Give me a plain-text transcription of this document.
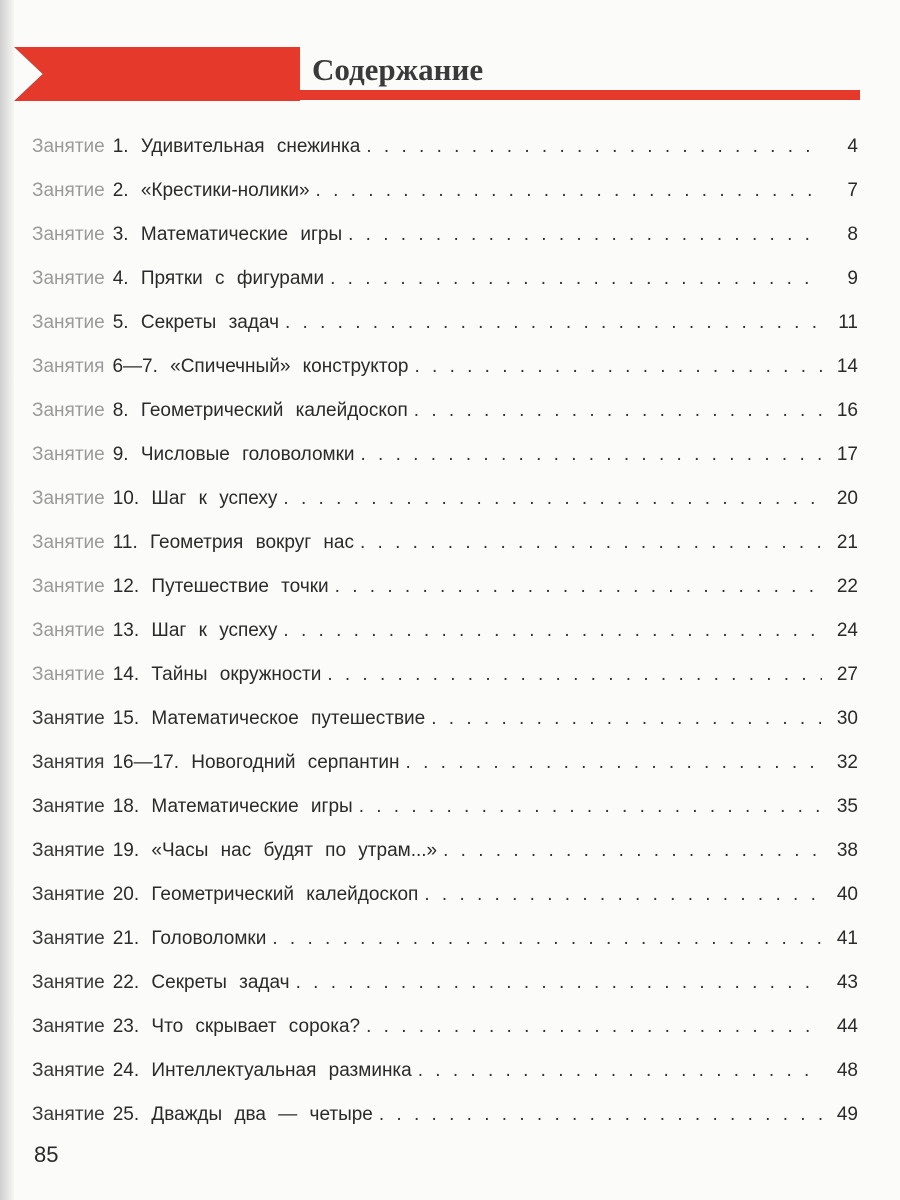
Содержание
Занятие 1. Удивительная снежинка . . .	4
Занятие 2. «Крестики-нолики» . . .	7
Занятие 3. Математические игры . . .	8
Занятие 4. Прятки с фигурами . . .	9
Занятие 5. Секреты задач . . .	11
Занятия 6—7. «Спичечный» конструктор . . .	14
Занятие 8. Геометрический калейдоскоп . . .	16
Занятие 9. Числовые головоломки . . .	17
Занятие 10. Шаг к успеху . . .	20
Занятие 11. Геометрия вокруг нас . . .	21
Занятие 12. Путешествие точки . . .	22
Занятие 13. Шаг к успеху . . .	24
Занятие 14. Тайны окружности . . .	27
Занятие 15. Математическое путешествие . . .	30
Занятия 16—17. Новогодний серпантин . . .	32
Занятие 18. Математические игры . . .	35
Занятие 19. «Часы нас будят по утрам...» . . .	38
Занятие 20. Геометрический калейдоскоп . . .	40
Занятие 21. Головоломки . . .	41
Занятие 22. Секреты задач . . .	43
Занятие 23. Что скрывает сорока? . . .	44
Занятие 24. Интеллектуальная разминка . . .	48
Занятие 25. Дважды два — четыре . . .	49
85
